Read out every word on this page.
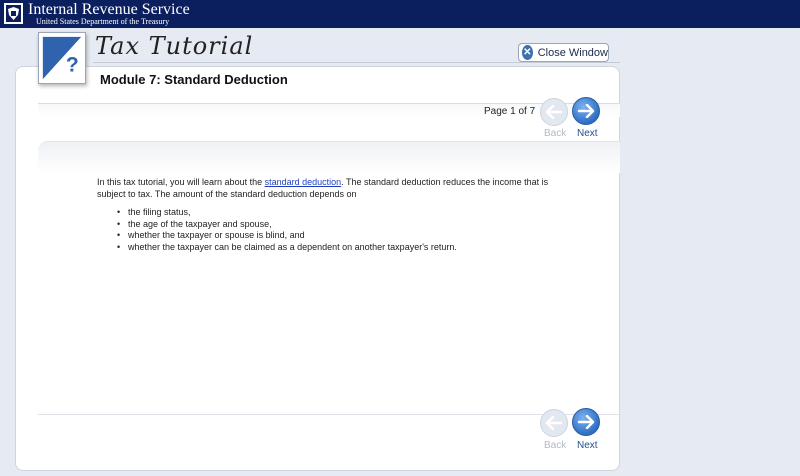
Internal Revenue Service
United States Department of the Treasury
?
Tax Tutorial	✕ Close Window
Module 7: Standard Deduction
Page 1 of 7
Back Next
In this tax tutorial, you will learn about the standard deduction. The standard deduction reduces the income that is subject to tax. The amount of the standard deduction depends on
• the filing status,
• the age of the taxpayer and spouse,
• whether the taxpayer or spouse is blind, and
• whether the taxpayer can be claimed as a dependent on another taxpayer's return.
Back Next
